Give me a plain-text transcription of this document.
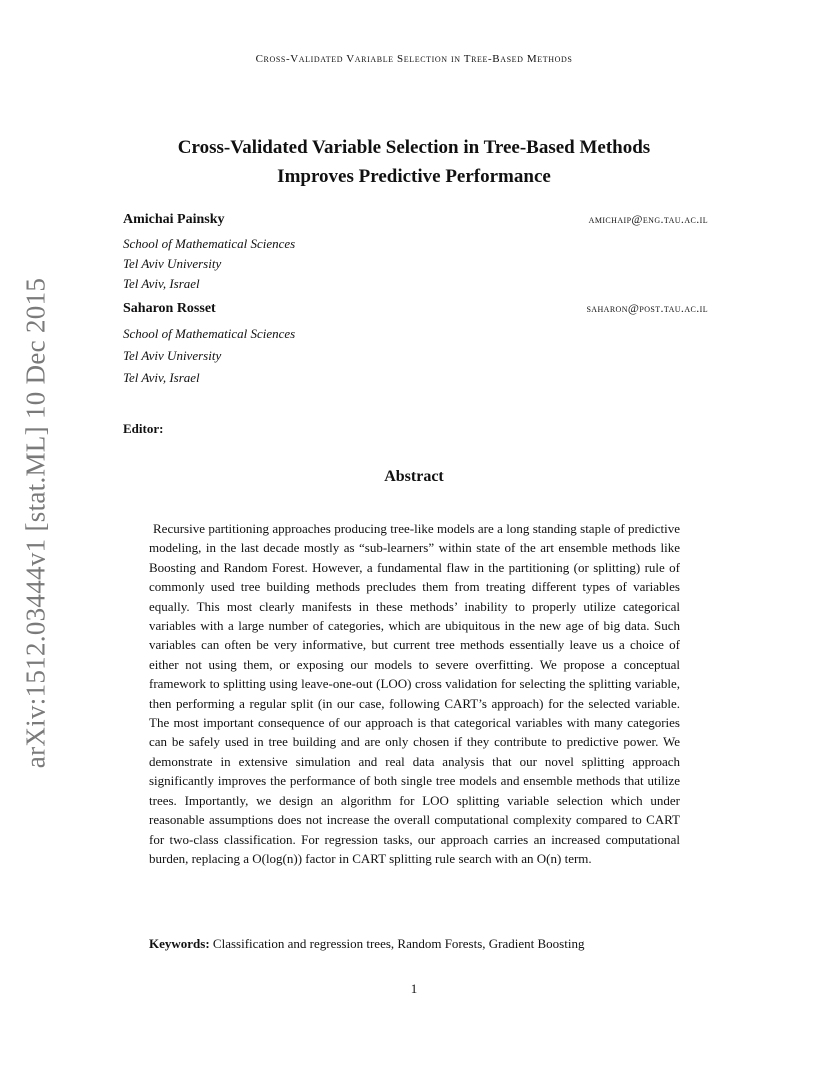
Cross-Validated Variable Selection in Tree-Based Methods
arXiv:1512.03444v1 [stat.ML] 10 Dec 2015
Cross-Validated Variable Selection in Tree-Based Methods
Improves Predictive Performance
Amichai Painsky	amichaip@eng.tau.ac.il
School of Mathematical Sciences
Tel Aviv University
Tel Aviv, Israel
Saharon Rosset	saharon@post.tau.ac.il
School of Mathematical Sciences
Tel Aviv University
Tel Aviv, Israel
Editor:
Abstract

Recursive partitioning approaches producing tree-like models are a long standing staple of predictive modeling, in the last decade mostly as “sub-learners” within state of the art ensemble methods like Boosting and Random Forest. However, a fundamental flaw in the partitioning (or splitting) rule of commonly used tree building methods precludes them from treating different types of variables equally. This most clearly manifests in these methods’ inability to properly utilize categorical variables with a large number of categories, which are ubiquitous in the new age of big data. Such variables can often be very informative, but current tree methods essentially leave us a choice of either not using them, or exposing our models to severe overfitting. We propose a conceptual framework to splitting using leave-one-out (LOO) cross validation for selecting the splitting variable, then performing a regular split (in our case, following CART’s approach) for the selected variable. The most important consequence of our approach is that categorical variables with many categories can be safely used in tree building and are only chosen if they contribute to predictive power. We demonstrate in extensive simulation and real data analysis that our novel splitting approach significantly improves the performance of both single tree models and ensemble methods that utilize trees. Importantly, we design an algorithm for LOO splitting variable selection which under reasonable assumptions does not increase the overall computational complexity compared to CART for two-class classification. For regression tasks, our approach carries an increased computational burden, replacing a O(log(n)) factor in CART splitting rule search with an O(n) term.

Keywords: Classification and regression trees, Random Forests, Gradient Boosting
1
